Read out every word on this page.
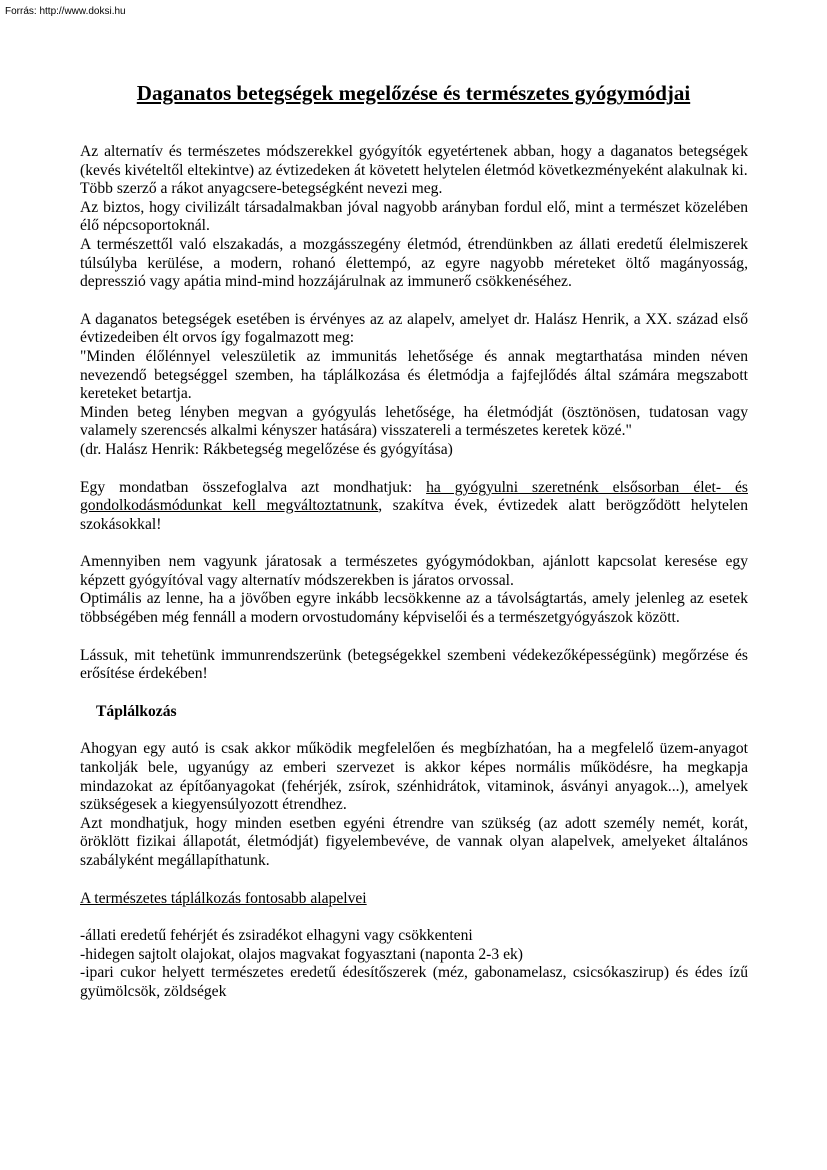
Forrás: http://www.doksi.hu
Daganatos betegségek megelőzése és természetes gyógymódjai

Az alternatív és természetes módszerekkel gyógyítók egyetértenek abban, hogy a daganatos betegségek (kevés kivételtől eltekintve) az évtizedeken át követett helytelen életmód következményeként alakulnak ki.

Több szerző a rákot anyagcsere-betegségként nevezi meg.

Az biztos, hogy civilizált társadalmakban jóval nagyobb arányban fordul elő, mint a természet közelében élő népcsoportoknál.

A természettől való elszakadás, a mozgásszegény életmód, étrendünkben az állati eredetű élelmiszerek túlsúlyba kerülése, a modern, rohanó élettempó, az egyre nagyobb méreteket öltő magányosság, depresszió vagy apátia mind-mind hozzájárulnak az immunerő csökkenéséhez.

A daganatos betegségek esetében is érvényes az az alapelv, amelyet dr. Halász Henrik, a XX. század első évtizedeiben élt orvos így fogalmazott meg:

"Minden élőlénnyel veleszületik az immunitás lehetősége és annak megtarthatása minden néven nevezendő betegséggel szemben, ha táplálkozása és életmódja a fajfejlődés által számára megszabott kereteket betartja.

Minden beteg lényben megvan a gyógyulás lehetősége, ha életmódját (ösztönösen, tudatosan vagy valamely szerencsés alkalmi kényszer hatására) visszatereli a természetes keretek közé."

(dr. Halász Henrik: Rákbetegség megelőzése és gyógyítása)

Egy mondatban összefoglalva azt mondhatjuk: ha gyógyulni szeretnénk elsősorban élet- és gondolkodásmódunkat kell megváltoztatnunk, szakítva évek, évtizedek alatt berögződött helytelen szokásokkal!

Amennyiben nem vagyunk járatosak a természetes gyógymódokban, ajánlott kapcsolat keresése egy képzett gyógyítóval vagy alternatív módszerekben is járatos orvossal.

Optimális az lenne, ha a jövőben egyre inkább lecsökkenne az a távolságtartás, amely jelenleg az esetek többségében még fennáll a modern orvostudomány képviselői és a természetgyógyászok között.

Lássuk, mit tehetünk immunrendszerünk (betegségekkel szembeni védekezőképességünk) megőrzése és erősítése érdekében!

Táplálkozás

Ahogyan egy autó is csak akkor működik megfelelően és megbízhatóan, ha a megfelelő üzem-anyagot tankolják bele, ugyanúgy az emberi szervezet is akkor képes normális működésre, ha megkapja mindazokat az építőanyagokat (fehérjék, zsírok, szénhidrátok, vitaminok, ásványi anyagok...), amelyek szükségesek a kiegyensúlyozott étrendhez.

Azt mondhatjuk, hogy minden esetben egyéni étrendre van szükség (az adott személy nemét, korát, öröklött fizikai állapotát, életmódját) figyelembevéve, de vannak olyan alapelvek, amelyeket általános szabályként megállapíthatunk.

A természetes táplálkozás fontosabb alapelvei

-állati eredetű fehérjét és zsiradékot elhagyni vagy csökkenteni

-hidegen sajtolt olajokat, olajos magvakat fogyasztani (naponta 2-3 ek)

-ipari cukor helyett természetes eredetű édesítőszerek (méz, gabonamelasz, csicsókaszirup) és édes ízű gyümölcsök, zöldségek
